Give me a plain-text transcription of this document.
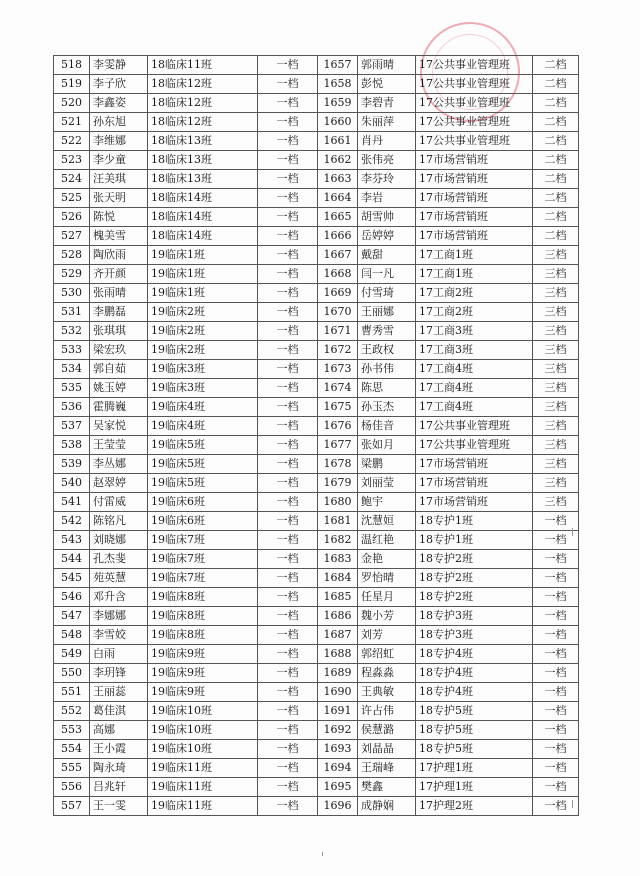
518	李雯静	18临床11班	一档	1657	郭雨晴	17公共事业管理班	二档
519	李子欣	18临床12班	一档	1658	彭悦	17公共事业管理班	二档
520	李鑫姿	18临床12班	一档	1659	李碧青	17公共事业管理班	二档
521	孙东旭	18临床12班	一档	1660	朱丽萍	17公共事业管理班	二档
522	李维娜	18临床13班	一档	1661	肖丹	17公共事业管理班	二档
523	李少童	18临床13班	一档	1662	张伟亮	17市场营销班	二档
524	汪美琪	18临床13班	一档	1663	李芬玲	17市场营销班	二档
525	张天明	18临床14班	一档	1664	李岩	17市场营销班	二档
526	陈悦	18临床14班	一档	1665	胡雪帅	17市场营销班	二档
527	槐美雪	18临床14班	一档	1666	岳婷婷	17市场营销班	二档
528	陶欣雨	19临床1班	一档	1667	戴甜	17工商1班	三档
529	齐开颜	19临床1班	一档	1668	闫一凡	17工商1班	三档
530	张雨晴	19临床1班	一档	1669	付雪琦	17工商2班	三档
531	李鹏磊	19临床2班	一档	1670	王丽娜	17工商2班	三档
532	张琪琪	19临床2班	一档	1671	曹秀雪	17工商3班	三档
533	梁宏玖	19临床2班	一档	1672	王政权	17工商3班	三档
534	郭自茹	19临床3班	一档	1673	孙书伟	17工商4班	三档
535	姚玉婷	19临床3班	一档	1674	陈思	17工商4班	三档
536	霍腾巍	19临床4班	一档	1675	孙玉杰	17工商4班	三档
537	吴家悦	19临床4班	一档	1676	杨佳音	17公共事业管理班	三档
538	王莹莹	19临床5班	一档	1677	张如月	17公共事业管理班	三档
539	李丛娜	19临床5班	一档	1678	梁鹏	17市场营销班	三档
540	赵翠婷	19临床5班	一档	1679	刘丽莹	17市场营销班	三档
541	付雷威	19临床6班	一档	1680	鲍宇	17市场营销班	三档
542	陈铭凡	19临床6班	一档	1681	沈慧姮	18专护1班	一档
543	刘晓娜	19临床7班	一档	1682	温红艳	18专护1班	一档
544	孔杰斐	19临床7班	一档	1683	金艳	18专护2班	一档
545	苑英慧	19临床7班	一档	1684	罗怡晴	18专护2班	一档
546	邓升含	19临床8班	一档	1685	任星月	18专护2班	一档
547	李娜娜	19临床8班	一档	1686	魏小芳	18专护3班	一档
548	李雪姣	19临床8班	一档	1687	刘芳	18专护3班	一档
549	白雨	19临床9班	一档	1688	郭绍虹	18专护4班	一档
550	李玥锋	19临床9班	一档	1689	程淼淼	18专护4班	一档
551	王丽蕊	19临床9班	一档	1690	王典敏	18专护4班	一档
552	葛佳淇	19临床10班	一档	1691	许占伟	18专护5班	一档
553	高娜	19临床10班	一档	1692	侯慧潞	18专护5班	一档
554	王小霞	19临床10班	一档	1693	刘晶晶	18专护5班	一档
555	陶永琦	19临床11班	一档	1694	王瑞峰	17护理1班	一档
556	吕兆轩	19临床11班	一档	1695	樊鑫	17护理1班	一档
557	王一雯	19临床11班	一档	1696	成静娴	17护理2班	一档
